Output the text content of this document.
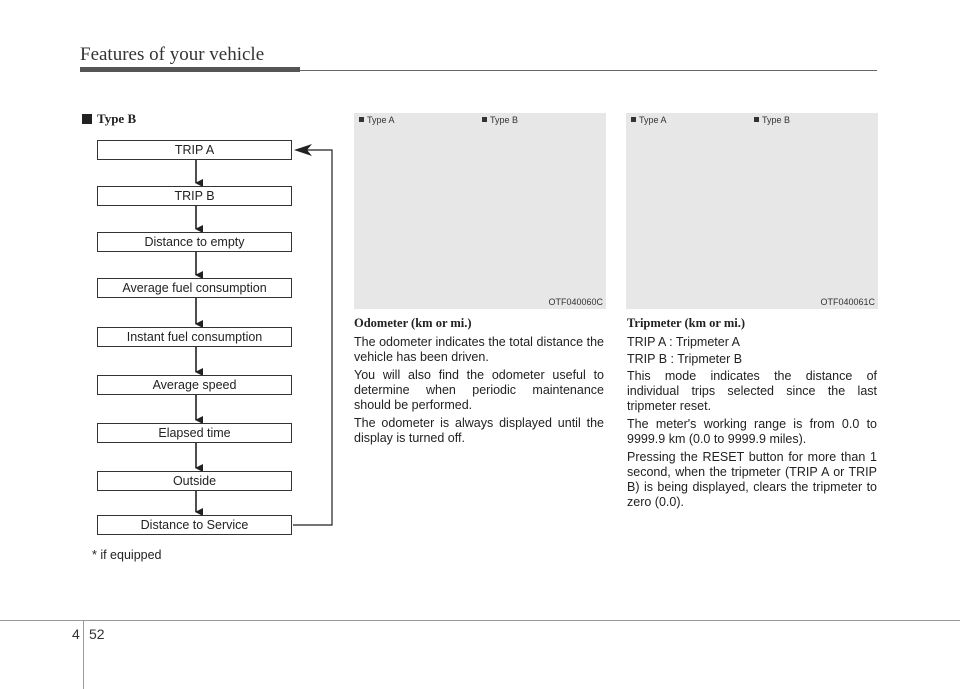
Features of your vehicle
Type B
TRIP A
TRIP B
Distance to empty
Average fuel consumption
Instant fuel consumption
Average speed
Elapsed time
Outside
Distance to Service
* if equipped
Type A	Type B
OTF040060C
Type A	Type B
OTF040061C
Odometer (km or mi.)

The odometer indicates the total distance the vehicle has been driven.

You will also find the odometer useful to determine when periodic maintenance should be performed.

The odometer is always displayed until the display is turned off.

Tripmeter (km or mi.)

TRIP A : Tripmeter A

TRIP B : Tripmeter B

This mode indicates the distance of individual trips selected since the last tripmeter reset.

The meter's working range is from 0.0 to 9999.9 km (0.0 to 9999.9 miles).

Pressing the RESET button for more than 1 second, when the tripmeter (TRIP A or TRIP B) is being displayed, clears the tripmeter to zero (0.0).

4 52
